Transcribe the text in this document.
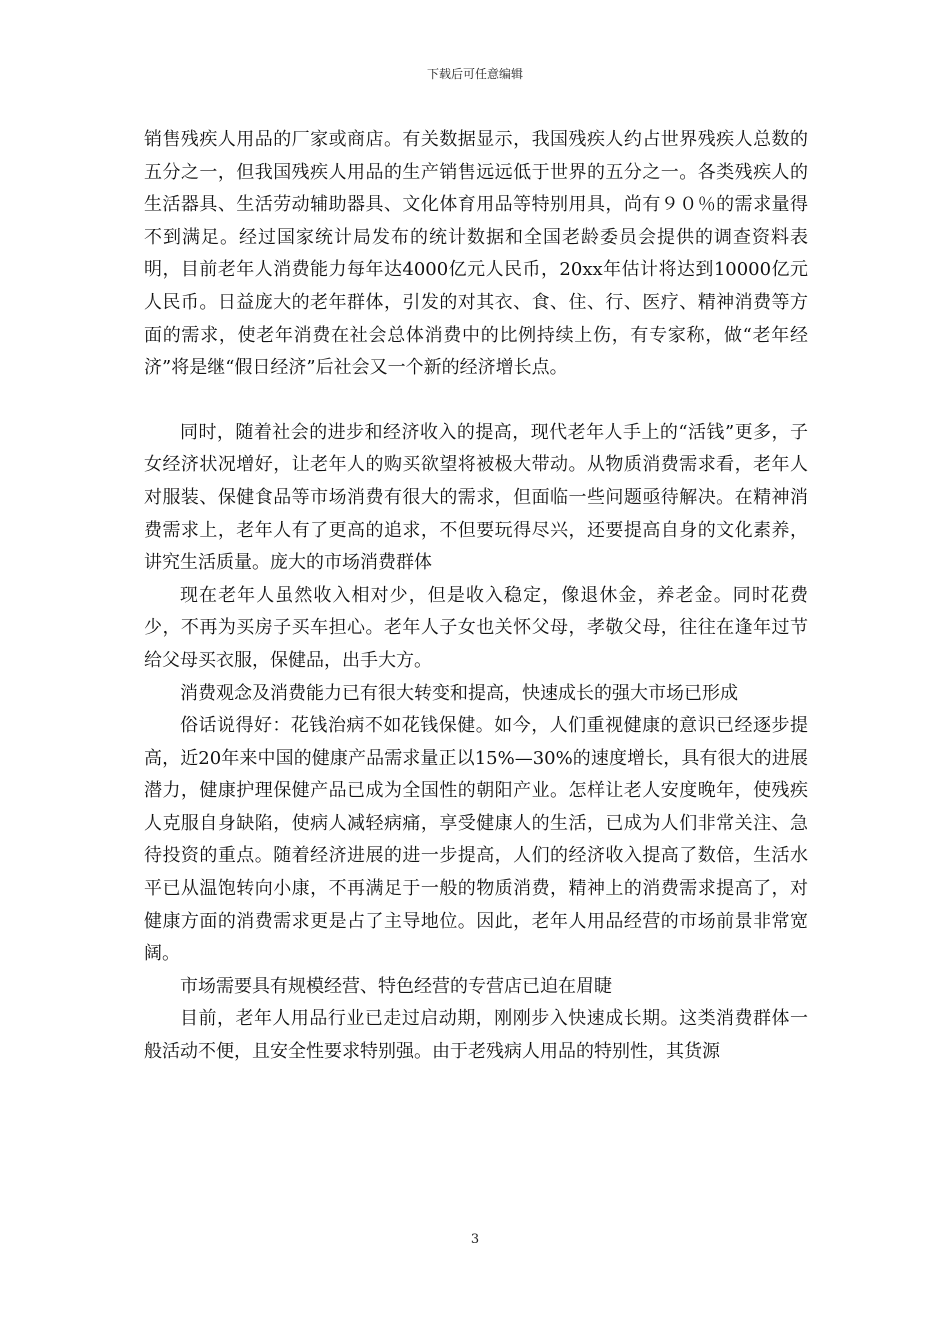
下载后可任意编辑

销售残疾人用品的厂家或商店。有关数据显示，我国残疾人约占世界残疾人总数的五分之一，但我国残疾人用品的生产销售远远低于世界的五分之一。各类残疾人的生活器具、生活劳动辅助器具、文化体育用品等特别用具，尚有９０％的需求量得不到满足。经过国家统计局发布的统计数据和全国老龄委员会提供的调查资料表明，目前老年人消费能力每年达4000亿元人民币，20xx年估计将达到10000亿元人民币。日益庞大的老年群体，引发的对其衣、食、住、行、医疗、精神消费等方面的需求，使老年消费在社会总体消费中的比例持续上伤，有专家称，做“老年经济”将是继“假日经济”后社会又一个新的经济增长点。

同时，随着社会的进步和经济收入的提高，现代老年人手上的“活钱”更多，子女经济状况增好，让老年人的购买欲望将被极大带动。从物质消费需求看，老年人对服装、保健食品等市场消费有很大的需求，但面临一些问题亟待解决。在精神消费需求上，老年人有了更高的追求，不但要玩得尽兴，还要提高自身的文化素养，讲究生活质量。庞大的市场消费群体

现在老年人虽然收入相对少，但是收入稳定，像退休金，养老金。同时花费少，不再为买房子买车担心。老年人子女也关怀父母，孝敬父母，往往在逢年过节给父母买衣服，保健品，出手大方。

消费观念及消费能力已有很大转变和提高，快速成长的强大市场已形成

俗话说得好：花钱治病不如花钱保健。如今，人们重视健康的意识已经逐步提高，近20年来中国的健康产品需求量正以15%—30%的速度增长，具有很大的进展潜力，健康护理保健产品已成为全国性的朝阳产业。怎样让老人安度晚年，使残疾人克服自身缺陷，使病人减轻病痛，享受健康人的生活，已成为人们非常关注、急待投资的重点。随着经济进展的进一步提高，人们的经济收入提高了数倍，生活水平已从温饱转向小康，不再满足于一般的物质消费，精神上的消费需求提高了，对健康方面的消费需求更是占了主导地位。因此，老年人用品经营的市场前景非常宽阔。

市场需要具有规模经营、特色经营的专营店已迫在眉睫

目前，老年人用品行业已走过启动期，刚刚步入快速成长期。这类消费群体一般活动不便，且安全性要求特别强。由于老残病人用品的特别性，其货源

3
